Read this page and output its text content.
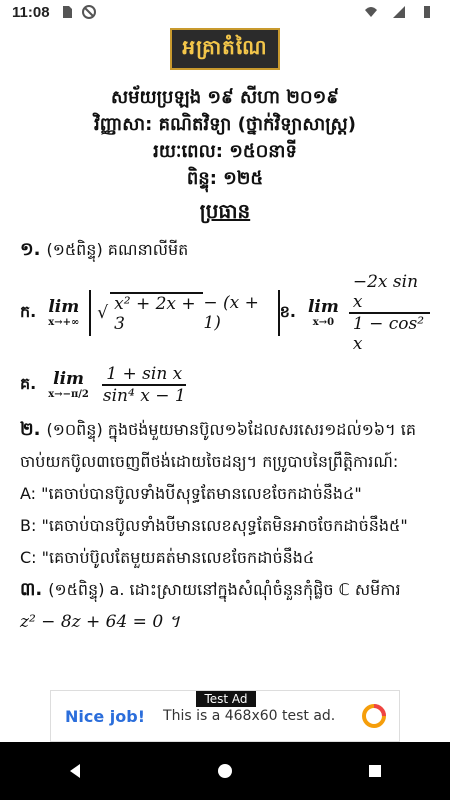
11:08
អគ្រាតំណៃ
សម័យប្រឡង ១៩ សីហា ២០១៩
វិញ្ញាសា: គណិតវិទ្យា (ថ្នាក់វិទ្យាសាស្ត្រ)
រយៈពេល: ១៥០នាទី
ពិន្ទុ: ១២៥
ប្រធាន
១. (១៥ពិន្ទុ) គណនាលីមីត
ក. lim
x→+∞	√ x² + 2x + 3
− (x + 1)
ខ. lim
$x\to 0 \frac{\text{−2x sin x}}{\text{1 − cos² x}}$
គ. lim
$x\to-\pi/2 \frac{\text{1 + sin x}}{\text{sin⁴ x − 1}}$
២. (១០ពិន្ទុ) ក្នុងថង់មួយមានប៊ូល១៦ដែលសរសេរ១ដល់១៦។ គេ
ចាប់យកប៊ូល៣ចេញពីថង់ដោយចៃដន្យ។ កប្រូបាបនៃព្រឹត្តិការណ៍:
A: "គេចាប់បានប៊ូលទាំងបីសុទ្ធតែមានលេខចែកដាច់នឹង៤"
B: "គេចាប់បានប៊ូលទាំងបីមានលេខសុទ្ធតែមិនអាចចែកដាច់នឹង៥"
C: "គេចាប់ប៊ូលតែមួយគត់មានលេខចែកដាច់នឹង៤
៣. (១៥ពិន្ទុ) a. ដោះស្រាយនៅក្នុងសំណុំចំនួនកុំផ្លិច ℂ សមីការ
z² − 8z + 64 = 0 ។
Test Ad
Nice job! This is a 468x60 test ad.
